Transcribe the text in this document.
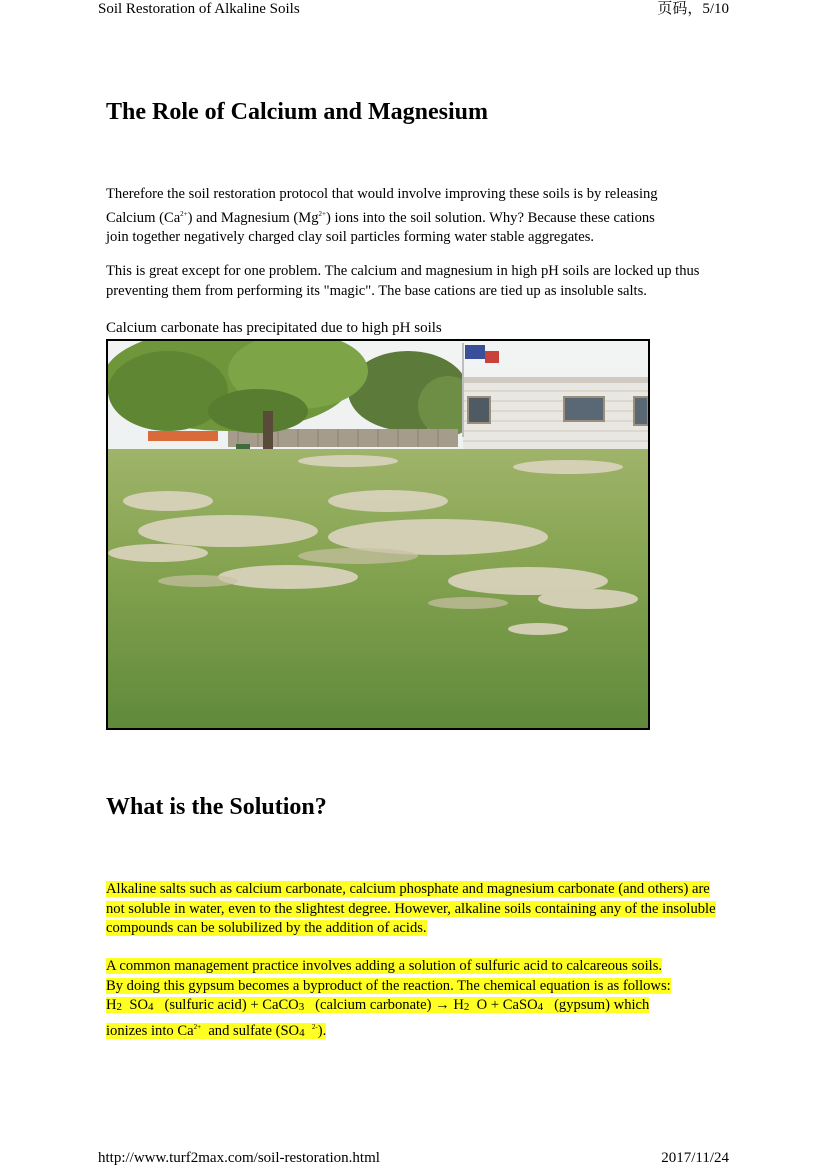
Soil Restoration of Alkaline Soils	页码，5/10
The Role of Calcium and Magnesium
Therefore the soil restoration protocol that would involve improving these soils is by releasing
Calcium $(Ca^{2+})$ and Magnesium $(Mg^{2+})$ ions into the soil solution. Why? Because these cations
join together negatively charged clay soil particles forming water stable aggregates.

This is great except for one problem. The calcium and magnesium in high pH soils are locked up thus preventing them from performing its "magic". The base cations are tied up as insoluble salts.

Calcium carbonate has precipitated due to high pH soils
What is the Solution?

Alkaline salts such as calcium carbonate, calcium phosphate and magnesium carbonate (and others) are not soluble in water, even to the slightest degree. However, alkaline soils containing any of the insoluble compounds can be solubilized by the addition of acids.

A common management practice involves adding a solution of sulfuric acid to calcareous soils.
By doing this gypsum becomes a byproduct of the reaction. The chemical equation is as follows:
$H_2$ $SO_4$ (sulfuric acid) + CaCO$_3$ (calcium carbonate) → $H_2$ O + CaSO$_4$ (gypsum) which
ionizes into $Ca^{2+}$ and sulfate ($SO_4$ $^{2-}$).
http://www.turf2max.com/soil-restoration.html	2017/11/24
